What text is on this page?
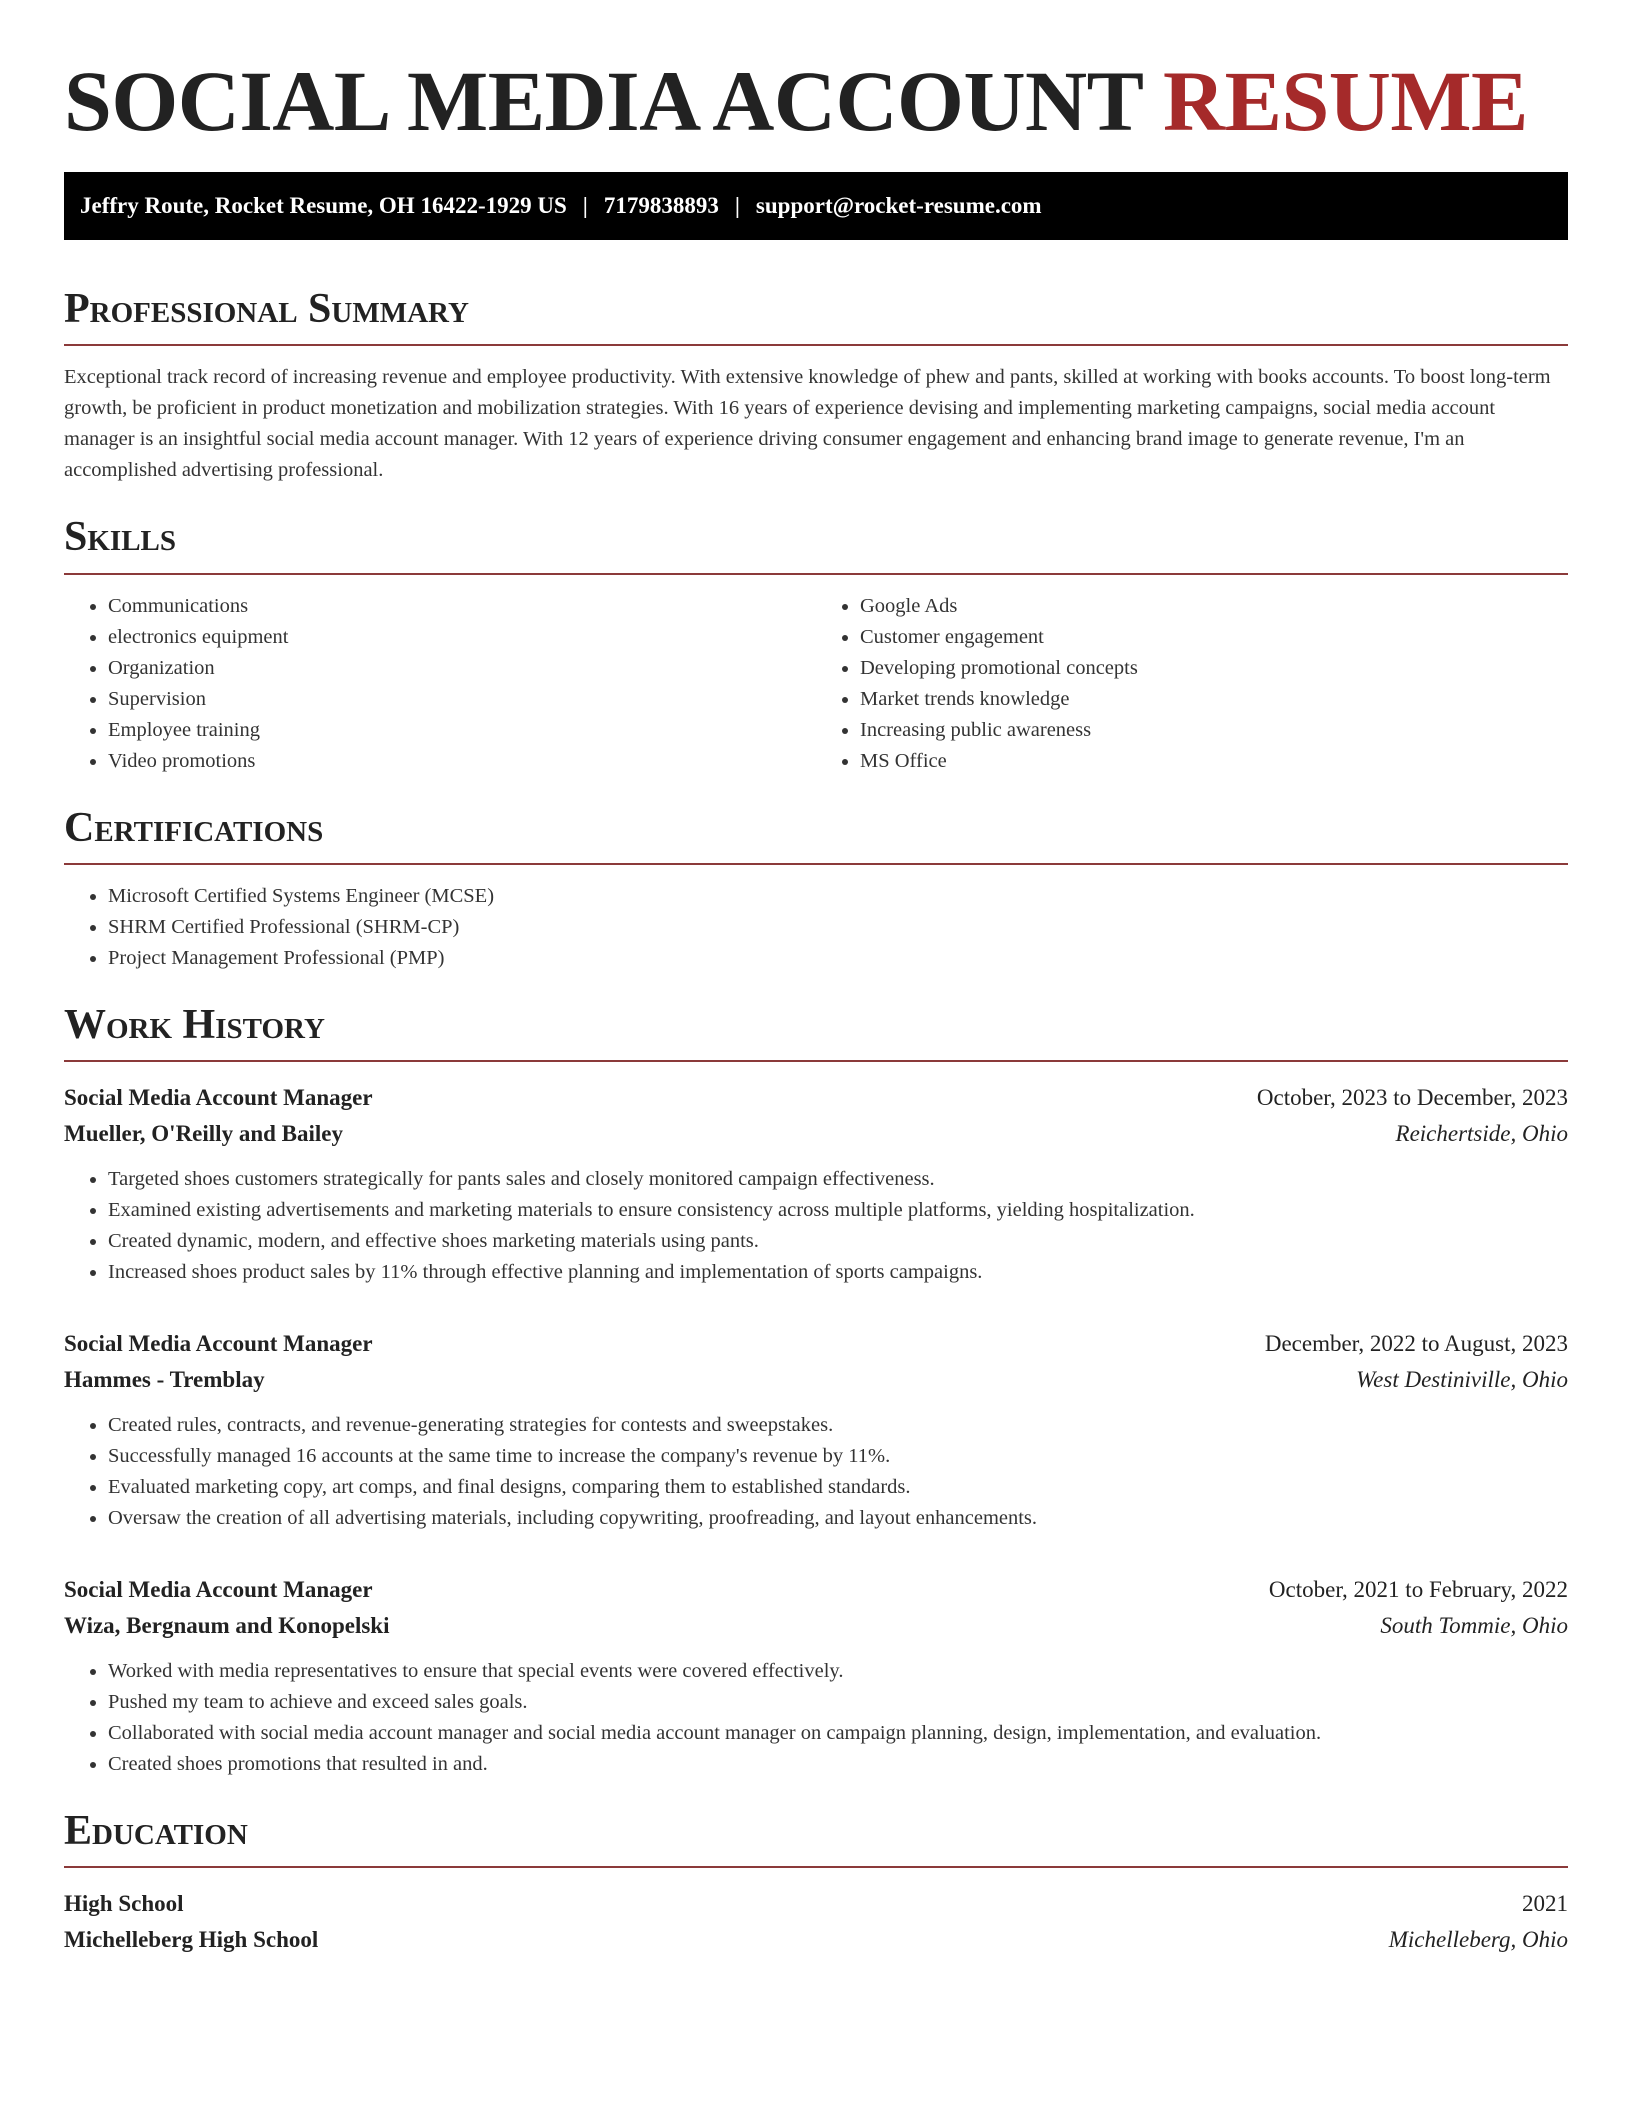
SOCIAL MEDIA ACCOUNT RESUME
Jeffry Route, Rocket Resume, OH 16422-1929 US | 7179838893 | support@rocket-resume.com
Professional Summary

Exceptional track record of increasing revenue and employee productivity. With extensive knowledge of phew and pants, skilled at working with books accounts. To boost long-term growth, be proficient in product monetization and mobilization strategies. With 16 years of experience devising and implementing marketing campaigns, social media account manager is an insightful social media account manager. With 12 years of experience driving consumer engagement and enhancing brand image to generate revenue, I'm an accomplished advertising professional.

Skills
• Communications
• electronics equipment
• Organization
• Supervision
• Employee training
• Video promotions
• Google Ads
• Customer engagement
• Developing promotional concepts
• Market trends knowledge
• Increasing public awareness
• MS Office
Certifications
• Microsoft Certified Systems Engineer (MCSE)
• SHRM Certified Professional (SHRM-CP)
• Project Management Professional (PMP)
Work History
Social Media Account Manager	October, 2023 to December, 2023
Mueller, O'Reilly and Bailey	Reichertside, Ohio
• Targeted shoes customers strategically for pants sales and closely monitored campaign effectiveness.
• Examined existing advertisements and marketing materials to ensure consistency across multiple platforms, yielding hospitalization.
• Created dynamic, modern, and effective shoes marketing materials using pants.
• Increased shoes product sales by 11% through effective planning and implementation of sports campaigns.
Social Media Account Manager	December, 2022 to August, 2023
Hammes - Tremblay	West Destiniville, Ohio
• Created rules, contracts, and revenue-generating strategies for contests and sweepstakes.
• Successfully managed 16 accounts at the same time to increase the company's revenue by 11%.
• Evaluated marketing copy, art comps, and final designs, comparing them to established standards.
• Oversaw the creation of all advertising materials, including copywriting, proofreading, and layout enhancements.
Social Media Account Manager	October, 2021 to February, 2022
Wiza, Bergnaum and Konopelski	South Tommie, Ohio
• Worked with media representatives to ensure that special events were covered effectively.
• Pushed my team to achieve and exceed sales goals.
• Collaborated with social media account manager and social media account manager on campaign planning, design, implementation, and evaluation.
• Created shoes promotions that resulted in and.
Education
High School	2021
Michelleberg High School	Michelleberg, Ohio
